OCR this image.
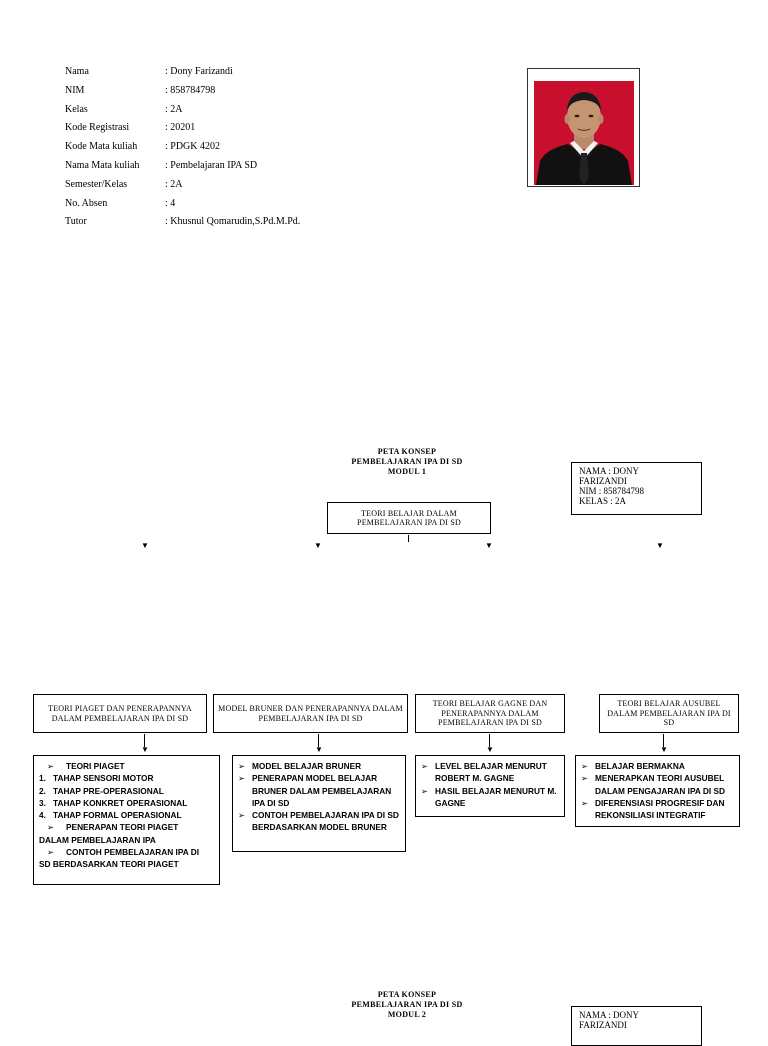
Nama	: Dony Farizandi
NIM	: 858784798
Kelas	: 2A
Kode Registrasi	: 20201
Kode Mata kuliah	: PDGK 4202
Nama Mata kuliah	: Pembelajaran IPA SD
Semester/Kelas	: 2A
No. Absen	: 4
Tutor	: Khusnul Qomarudin,S.Pd.M.Pd.
PETA KONSEP
PEMBELAJARAN IPA DI SD
MODUL 1	NAMA : DONY
FARIZANDI
NIM : 858784798
KELAS : 2A
TEORI BELAJAR DALAM PEMBELAJARAN IPA DI SD
▼	▼	▼	▼
TEORI PIAGET DAN PENERAPANNYA DALAM PEMBELAJARAN IPA DI SD
MODEL BRUNER DAN PENERAPANNYA DALAM PEMBELAJARAN IPA DI SD
TEORI BELAJAR GAGNE DAN PENERAPANNYA DALAM PEMBELAJARAN IPA DI SD
TEORI BELAJAR AUSUBEL DALAM PEMBELAJARAN IPA DI SD
▼	▼	▼	▼
➢ TEORI PIAGET
1. TAHAP SENSORI MOTOR
2. TAHAP PRE-OPERASIONAL
3. TAHAP KONKRET OPERASIONAL
4. TAHAP FORMAL OPERASIONAL
➢ PENERAPAN TEORI PIAGET
DALAM PEMBELAJARAN IPA
➢ CONTOH PEMBELAJARAN IPA DI
SD BERDASARKAN TEORI PIAGET
➢ MODEL BELAJAR BRUNER
➢ PENERAPAN MODEL BELAJAR BRUNER DALAM PEMBELAJARAN IPA DI SD
➢ CONTOH PEMBELAJARAN IPA DI SD BERDASARKAN MODEL BRUNER
➢ LEVEL BELAJAR MENURUT ROBERT M. GAGNE
➢ HASIL BELAJAR MENURUT M. GAGNE
➢ BELAJAR BERMAKNA
➢ MENERAPKAN TEORI AUSUBEL DALAM PENGAJARAN IPA DI SD
➢ DIFERENSIASI PROGRESIF DAN REKONSILIASI INTEGRATIF
PETA KONSEP
PEMBELAJARAN IPA DI SD
MODUL 2	NAMA : DONY
FARIZANDI
